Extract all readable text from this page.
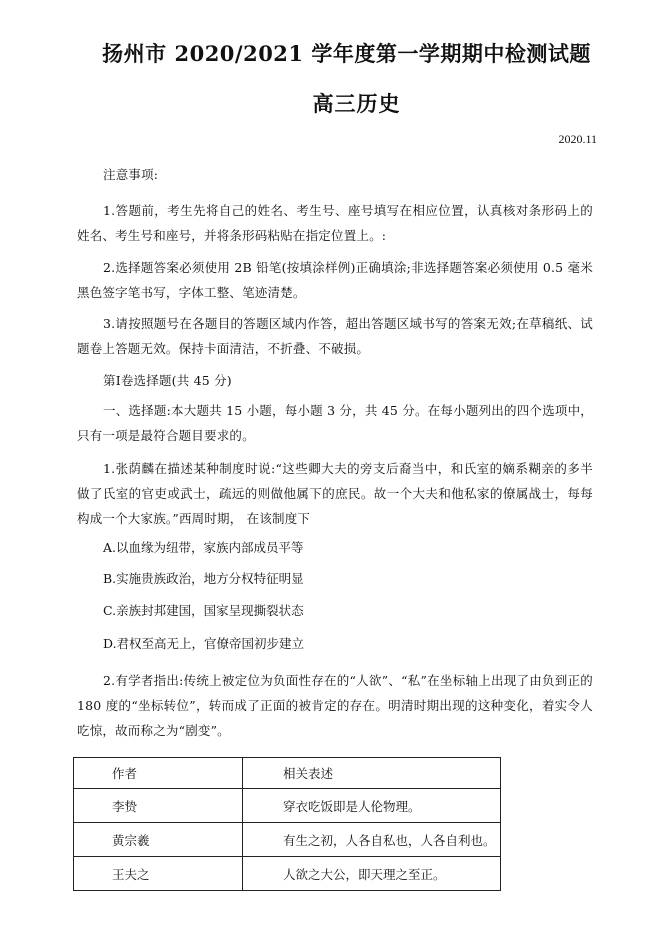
扬州市 2020/2021 学年度第一学期期中检测试题
高三历史
2020.11
注意事项:
1.答题前，考生先将自己的姓名、考生号、座号填写在相应位置，认真核对条形码上的姓名、考生号和座号，并将条形码粘贴在指定位置上。:
2.选择题答案必须使用 2B 铅笔(按填涂样例)正确填涂;非选择题答案必须使用 0.5 毫米黑色签字笔书写，字体工整、笔迹清楚。
3.请按照题号在各题目的答题区域内作答，超出答题区域书写的答案无效;在草稿纸、试题卷上答题无效。保持卡面清洁，不折叠、不破损。
第Ⅰ卷选择题(共 45 分)
一、选择题:本大题共 15 小题，每小题 3 分，共 45 分。在每小题列出的四个选项中，只有一项是最符合题目要求的。
1.张荫麟在描述某种制度时说:“这些卿大夫的旁支后裔当中，和氏室的嫡系糊亲的多半做了氏室的官吏或武士，疏远的则做他属下的庶民。故一个大夫和他私家的僚属战士，每每构成一个大家族。”西周时期， 在该制度下
A.以血缘为纽带，家族内部成员平等
B.实施贵族政治，地方分权特征明显
C.亲族封邦建国，国家呈现撕裂状态
D.君权至高无上，官僚帝国初步建立
2.有学者指出:传统上被定位为负面性存在的“人欲”、“私”在坐标轴上出现了由负到正的 180 度的“坐标转位”，转而成了正面的被肯定的存在。明清时期出现的这种变化，着实令人吃惊，故而称之为“剧变”。
作者	相关表述
李贽	穿衣吃饭即是人伦物理。
黄宗羲	有生之初，人各自私也，人各自利也。
王夫之	人欲之大公，即天理之至正。
